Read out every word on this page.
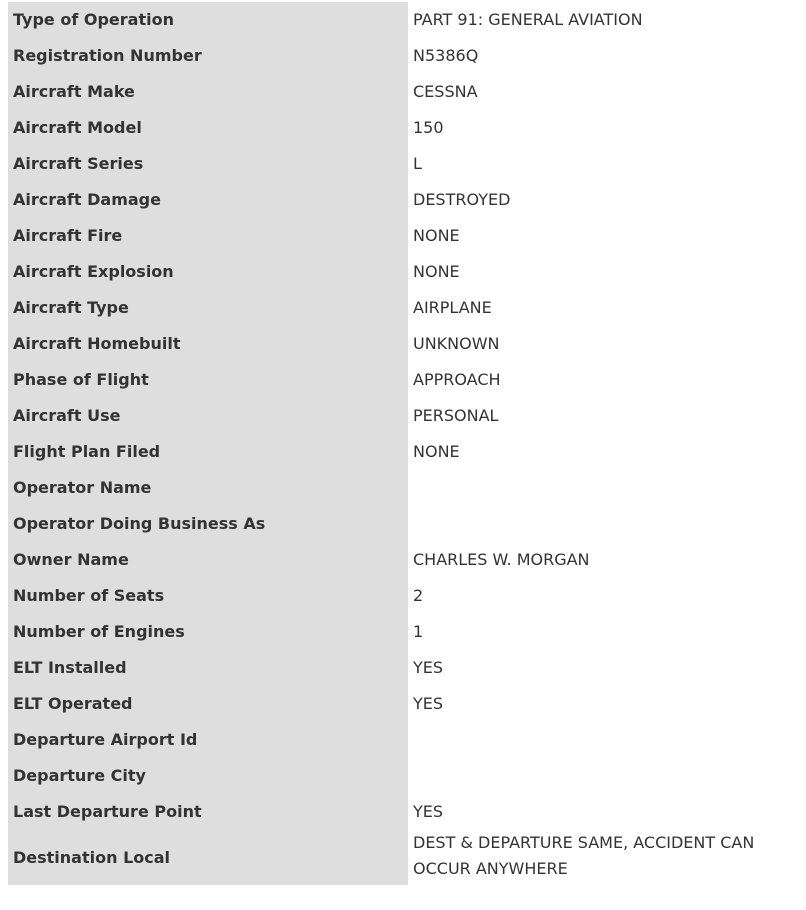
Type of Operation	PART 91: GENERAL AVIATION
Registration Number	N5386Q
Aircraft Make	CESSNA
Aircraft Model	150
Aircraft Series	L
Aircraft Damage	DESTROYED
Aircraft Fire	NONE
Aircraft Explosion	NONE
Aircraft Type	AIRPLANE
Aircraft Homebuilt	UNKNOWN
Phase of Flight	APPROACH
Aircraft Use	PERSONAL
Flight Plan Filed	NONE
Operator Name	
Operator Doing Business As	
Owner Name	CHARLES W. MORGAN
Number of Seats	2
Number of Engines	1
ELT Installed	YES
ELT Operated	YES
Departure Airport Id	
Departure City	
Last Departure Point	YES
Destination Local	DEST & DEPARTURE SAME, ACCIDENT CAN OCCUR ANYWHERE
